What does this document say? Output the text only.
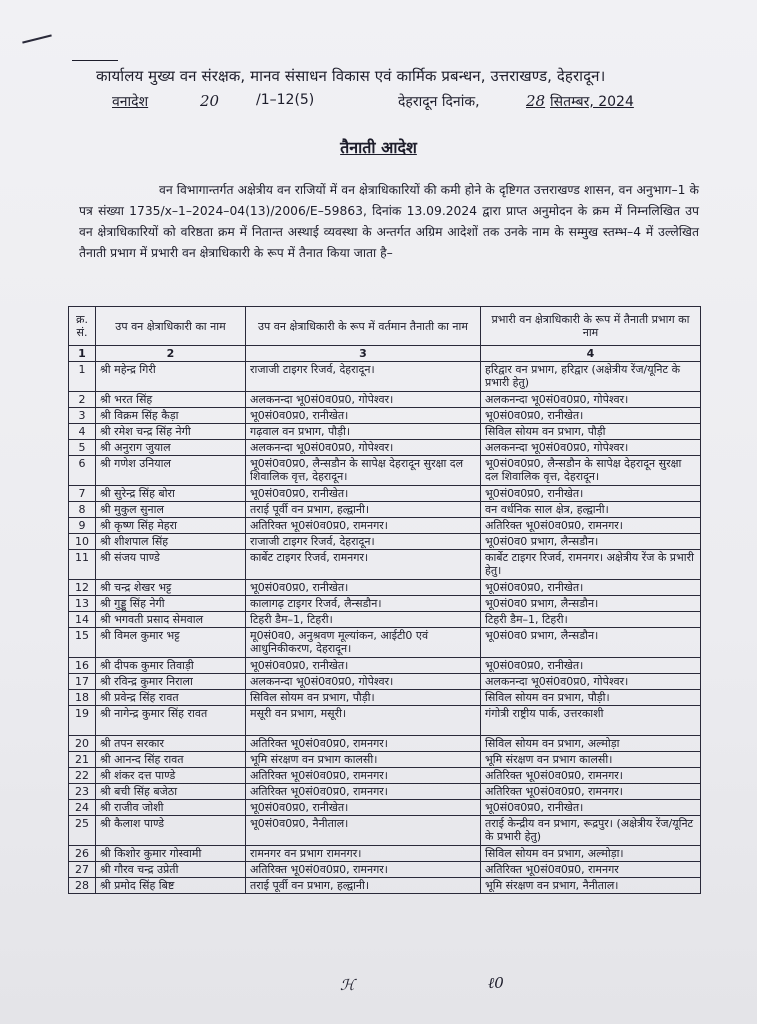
कार्यालय मुख्य वन संरक्षक, मानव संसाधन विकास एवं कार्मिक प्रबन्धन, उत्तराखण्ड, देहरादून।
वनादेश	20	/1–12(5)	देहरादून दिनांक,	28 सितम्बर, 2024
तैनाती आदेश

वन विभागान्तर्गत अक्षेत्रीय वन राजियों में वन क्षेत्राधिकारियों की कमी होने के दृष्टिगत उत्तराखण्ड शासन, वन अनुभाग–1 के पत्र संख्या 1735/x–1–2024–04(13)/2006/E–59863, दिनांक 13.09.2024 द्वारा प्राप्त अनुमोदन के क्रम में निम्नलिखित उप वन क्षेत्राधिकारियों को वरिष्ठता क्रम में नितान्त अस्थाई व्यवस्था के अन्तर्गत अग्रिम आदेशों तक उनके नाम के सम्मुख स्तम्भ–4 में उल्लेखित तैनाती प्रभाग में प्रभारी वन क्षेत्राधिकारी के रूप में तैनात किया जाता है–

क्र. सं.	उप वन क्षेत्राधिकारी का नाम	उप वन क्षेत्राधिकारी के रूप में वर्तमान तैनाती का नाम	प्रभारी वन क्षेत्राधिकारी के रूप में तैनाती प्रभाग का नाम
1	2	3	4
1	श्री महेन्द्र गिरी	राजाजी टाइगर रिजर्व, देहरादून।	हरिद्वार वन प्रभाग, हरिद्वार (अक्षेत्रीय रेंज/यूनिट के प्रभारी हेतु)
2	श्री भरत सिंह	अलकनन्दा भू0सं0व0प्र0, गोपेश्वर।	अलकनन्दा भू0सं0व0प्र0, गोपेश्वर।
3	श्री विक्रम सिंह कैड़ा	भू0सं0व0प्र0, रानीखेत।	भू0सं0व0प्र0, रानीखेत।
4	श्री रमेश चन्द्र सिंह नेगी	गढ़वाल वन प्रभाग, पौड़ी।	सिविल सोयम वन प्रभाग, पौड़ी
5	श्री अनुराग जुयाल	अलकनन्दा भू0सं0व0प्र0, गोपेश्वर।	अलकनन्दा भू0सं0व0प्र0, गोपेश्वर।
6	श्री गणेश उनियाल	भू0सं0व0प्र0, लैन्सडौन के सापेक्ष देहरादून सुरक्षा दल शिवालिक वृत्त, देहरादून।	भू0सं0व0प्र0, लैन्सडौन के सापेक्ष देहरादून सुरक्षा दल शिवालिक वृत्त, देहरादून।
7	श्री सुरेन्द्र सिंह बोरा	भू0सं0व0प्र0, रानीखेत।	भू0सं0व0प्र0, रानीखेत।
8	श्री मुकुल सुनाल	तराई पूर्वी वन प्रभाग, हल्द्वानी।	वन वर्धनिक साल क्षेत्र, हल्द्वानी।
9	श्री कृष्ण सिंह मेहरा	अतिरिक्त भू0सं0व0प्र0, रामनगर।	अतिरिक्त भू0सं0व0प्र0, रामनगर।
10	श्री शीशपाल सिंह	राजाजी टाइगर रिजर्व, देहरादून।	भू0सं0व0 प्रभाग, लैन्सडौन।
11	श्री संजय पाण्डे	कार्बेट टाइगर रिजर्व, रामनगर।	कार्बेट टाइगर रिजर्व, रामनगर। अक्षेत्रीय रेंज के प्रभारी हेतु।
12	श्री चन्द्र शेखर भट्ट	भू0सं0व0प्र0, रानीखेत।	भू0सं0व0प्र0, रानीखेत।
13	श्री गुड्डू सिंह नेगी	कालागढ़ टाइगर रिजर्व, लैन्सडौन।	भू0सं0व0 प्रभाग, लैन्सडौन।
14	श्री भगवती प्रसाद सेमवाल	टिहरी डैम–1, टिहरी।	टिहरी डैम–1, टिहरी।
15	श्री विमल कुमार भट्ट	मू0सं0व0, अनुश्रवण मूल्यांकन, आईटी0 एवं आधुनिकीकरण, देहरादून।	भू0सं0व0 प्रभाग, लैन्सडौन।
16	श्री दीपक कुमार तिवाड़ी	भू0सं0व0प्र0, रानीखेत।	भू0सं0व0प्र0, रानीखेत।
17	श्री रविन्द्र कुमार निराला	अलकनन्दा भू0सं0व0प्र0, गोपेश्वर।	अलकनन्दा भू0सं0व0प्र0, गोपेश्वर।
18	श्री प्रवेन्द्र सिंह रावत	सिविल सोयम वन प्रभाग, पौड़ी।	सिविल सोयम वन प्रभाग, पौड़ी।
19	श्री नागेन्द्र कुमार सिंह रावत	मसूरी वन प्रभाग, मसूरी।	गंगोत्री राष्ट्रीय पार्क, उत्तरकाशी
20	श्री तपन सरकार	अतिरिक्त भू0सं0व0प्र0, रामनगर।	सिविल सोयम वन प्रभाग, अल्मोड़ा
21	श्री आनन्द सिंह रावत	भूमि संरक्षण वन प्रभाग कालसी।	भूमि संरक्षण वन प्रभाग कालसी।
22	श्री शंकर दत्त पाण्डे	अतिरिक्त भू0सं0व0प्र0, रामनगर।	अतिरिक्त भू0सं0व0प्र0, रामनगर।
23	श्री बची सिंह बजेठा	अतिरिक्त भू0सं0व0प्र0, रामनगर।	अतिरिक्त भू0सं0व0प्र0, रामनगर।
24	श्री राजीव जोशी	भू0सं0व0प्र0, रानीखेत।	भू0सं0व0प्र0, रानीखेत।
25	श्री कैलाश पाण्डे	भू0सं0व0प्र0, नैनीताल।	तराई केन्द्रीय वन प्रभाग, रूद्रपुर। (अक्षेत्रीय रेंज/यूनिट के प्रभारी हेतु)
26	श्री किशोर कुमार गोस्वामी	रामनगर वन प्रभाग रामनगर।	सिविल सोयम वन प्रभाग, अल्मोड़ा।
27	श्री गौरव चन्द्र उप्रेती	अतिरिक्त भू0सं0व0प्र0, रामनगर।	अतिरिक्त भू0सं0व0प्र0, रामनगर
28	श्री प्रमोद सिंह बिष्ट	तराई पूर्वी वन प्रभाग, हल्द्वानी।	भूमि संरक्षण वन प्रभाग, नैनीताल।
ℋ	ℓ0
